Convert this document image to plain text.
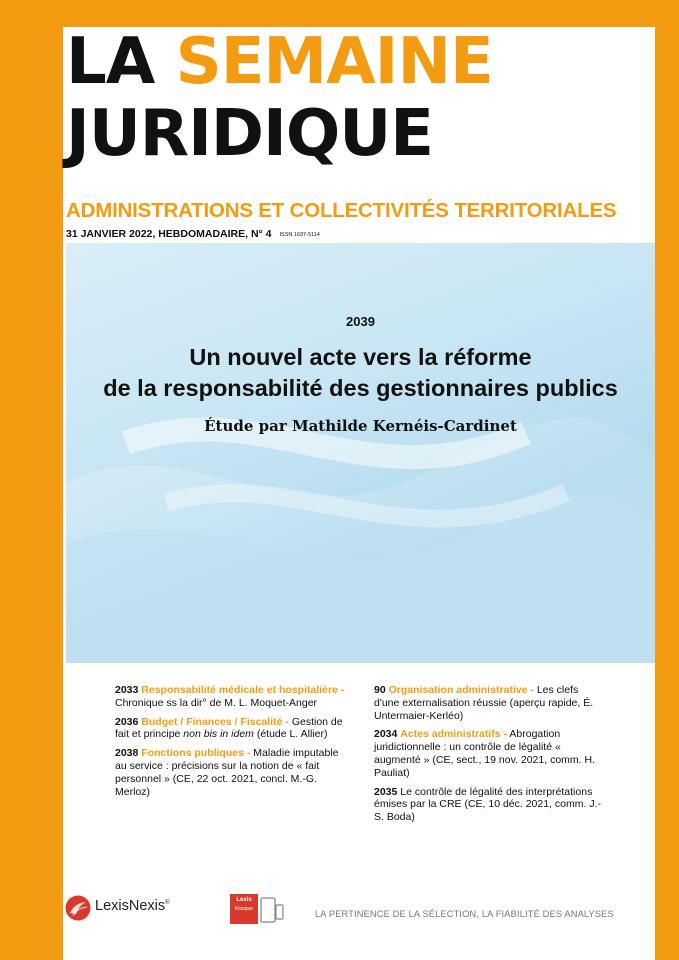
LA SEMAINE
JURIDIQUE
ADMINISTRATIONS ET COLLECTIVITÉS TERRITORIALES
31 JANVIER 2022, HEBDOMADAIRE, N° 4 ISSN 1637-5114
2039
Un nouvel acte vers la réforme
de la responsabilité des gestionnaires publics
Étude par Mathilde Kernéis-Cardinet
2033 Responsabilité médicale et hospitalière - Chronique ss la dir° de M. L. Moquet-Anger
2036 Budget / Finances / Fiscalité - Gestion de fait et principe non bis in idem (étude L. Allier)
2038 Fonctions publiques - Maladie imputable au service : précisions sur la notion de « fait personnel » (CE, 22 oct. 2021, concl. M.-G. Merloz)
90 Organisation administrative - Les clefs d'une externalisation réussie (aperçu rapide, É. Untermaier-Kerléo)
2034 Actes administratifs - Abrogation juridictionnelle : un contrôle de légalité « augmenté » (CE, sect., 19 nov. 2021, comm. H. Pauliat)
2035 Le contrôle de légalité des interprétations émises par la CRE (CE, 10 déc. 2021, comm. J.-S. Boda)
LexisNexis®
Lexis
Kiosque	LA PERTINENCE DE LA SÉLECTION, LA FIABILITÉ DES ANALYSES
